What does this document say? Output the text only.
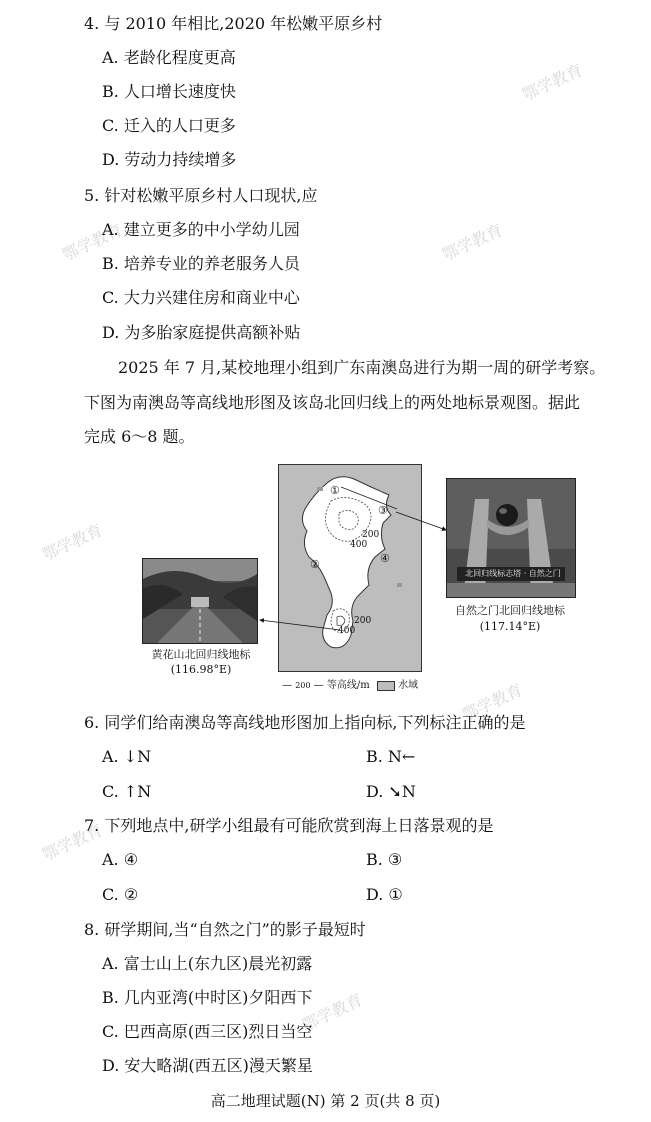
鄂学教育
鄂学教育	鄂学教育
鄂学教育
鄂学教育
鄂学教育
鄂学教育
4. 与 2010 年相比,2020 年松嫩平原乡村
A. 老龄化程度更高
B. 人口增长速度快
C. 迁入的人口更多
D. 劳动力持续增多
5. 针对松嫩平原乡村人口现状,应
A. 建立更多的中小学幼儿园
B. 培养专业的养老服务人员
C. 大力兴建住房和商业中心
D. 为多胎家庭提供高额补贴
2025 年 7 月,某校地理小组到广东南澳岛进行为期一周的研学考察。
下图为南澳岛等高线地形图及该岛北回归线上的两处地标景观图。据此
完成 6～8 题。
黄花山北回归线地标
(116.98°E)
①
③
④
②
200
400
200
400
北回归线标志塔 · 自然之门
自然之门北回归线地标
(117.14°E)
— 200 — 等高线/m	水域
6. 同学们给南澳岛等高线地形图加上指向标,下列标注正确的是
A. ↓N	B. N←
C. ↑N	D. ➘N
7. 下列地点中,研学小组最有可能欣赏到海上日落景观的是
A. ④	B. ③
C. ②	D. ①
8. 研学期间,当“自然之门”的影子最短时
A. 富士山上(东九区)晨光初露
B. 几内亚湾(中时区)夕阳西下
C. 巴西高原(西三区)烈日当空
D. 安大略湖(西五区)漫天繁星
高二地理试题(N) 第 2 页(共 8 页)
